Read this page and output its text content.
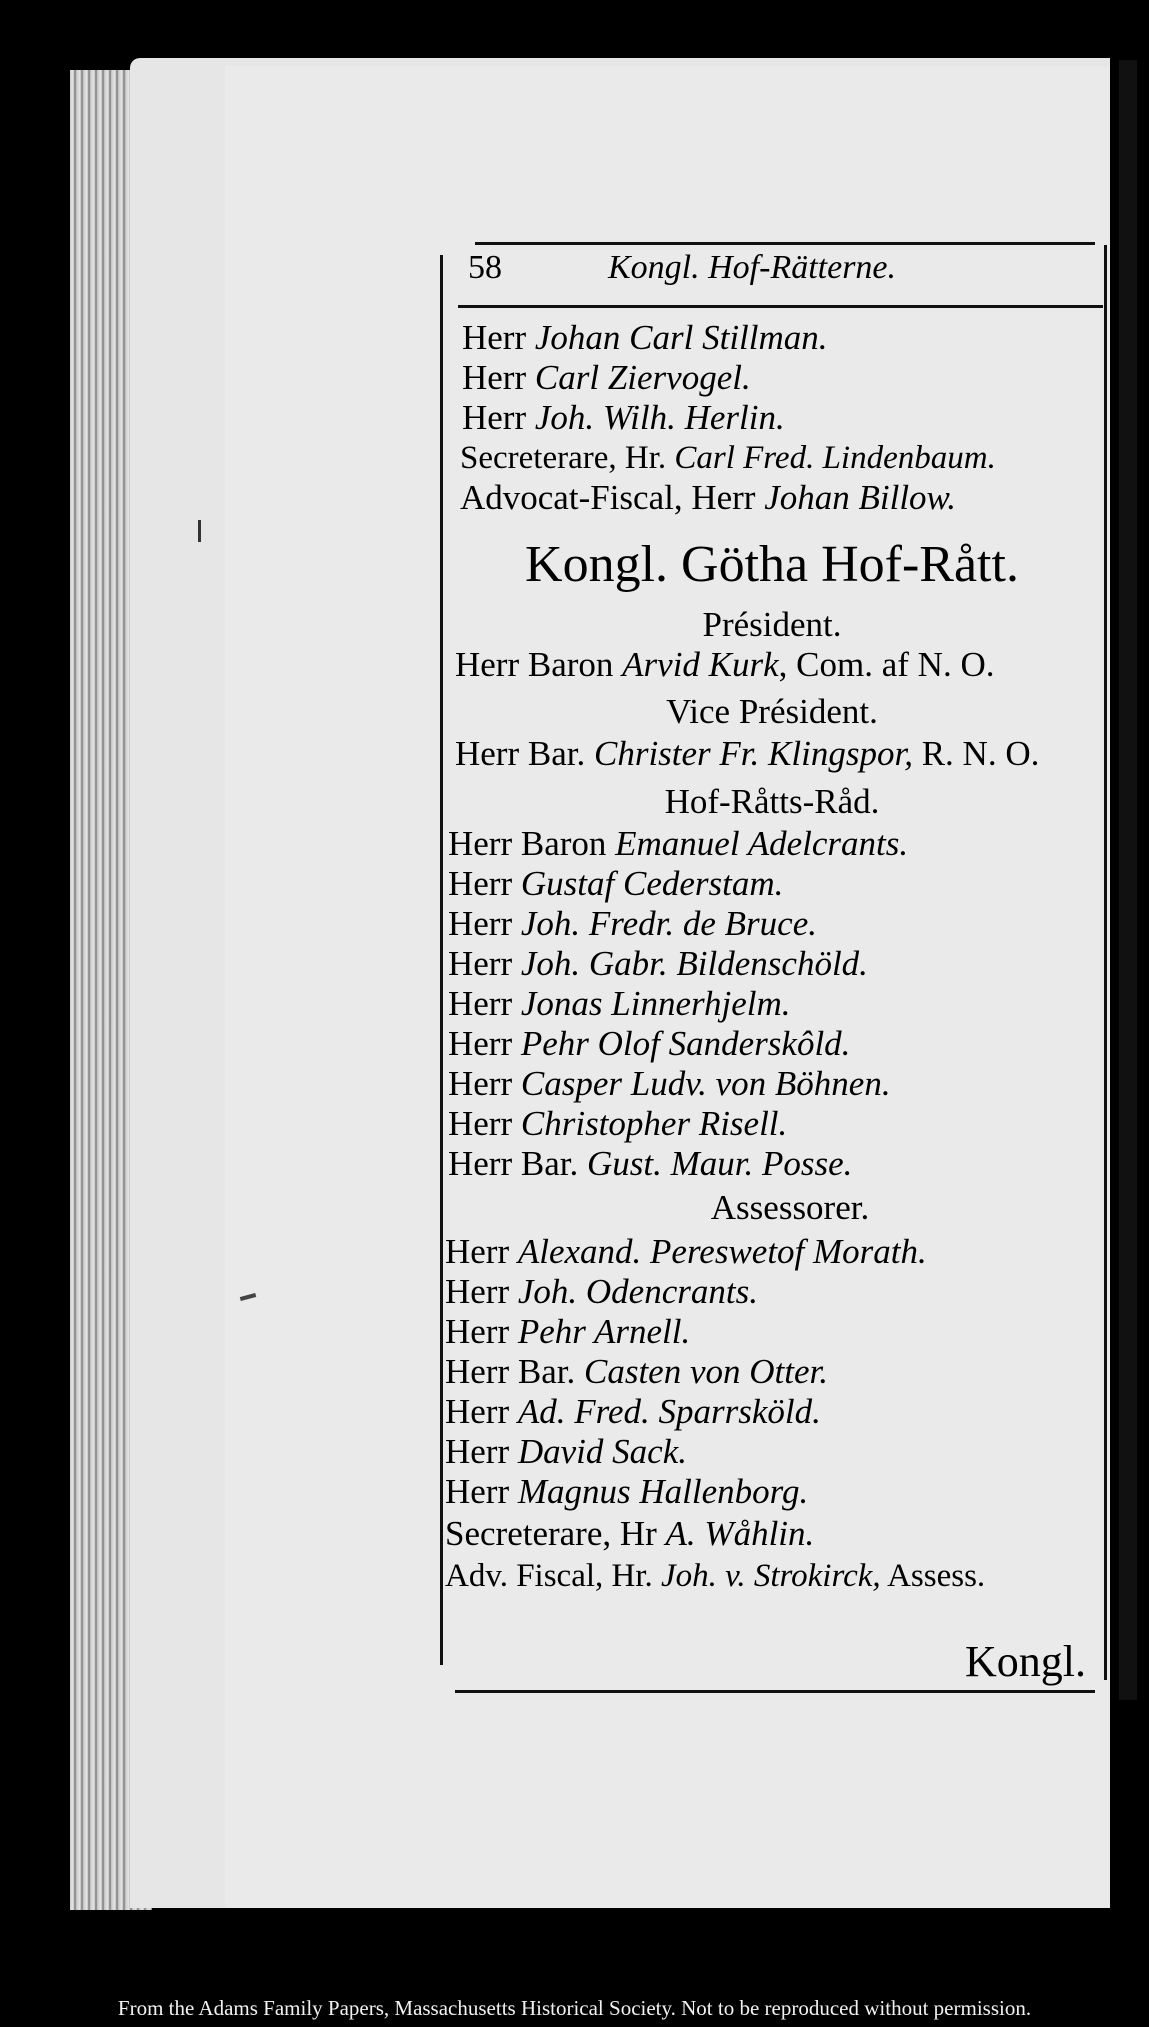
58	Kongl. Hof-Rätterne.
Herr Johan Carl Stillman.
Herr Carl Ziervogel.
Herr Joh. Wilh. Herlin.
Secreterare, Hr. Carl Fred. Lindenbaum.
Advocat-Fiscal, Herr Johan Billow.
Kongl. Götha Hof-Rått.
Président.
Herr Baron Arvid Kurk, Com. af N. O.
Vice Président.
Herr Bar. Christer Fr. Klingspor, R. N. O.
Hof-Råtts-Råd.
Herr Baron Emanuel Adelcrants.
Herr Gustaf Cederstam.
Herr Joh. Fredr. de Bruce.
Herr Joh. Gabr. Bildenschöld.
Herr Jonas Linnerhjelm.
Herr Pehr Olof Sanderskôld.
Herr Casper Ludv. von Böhnen.
Herr Christopher Risell.
Herr Bar. Gust. Maur. Posse.
Assessorer.
Herr Alexand. Pereswetof Morath.
Herr Joh. Odencrants.
Herr Pehr Arnell.
Herr Bar. Casten von Otter.
Herr Ad. Fred. Sparrsköld.
Herr David Sack.
Herr Magnus Hallenborg.
Secreterare, Hr A. Wåhlin.
Adv. Fiscal, Hr. Joh. v. Strokirck, Assess.
Kongl.
From the Adams Family Papers, Massachusetts Historical Society. Not to be reproduced without permission.
